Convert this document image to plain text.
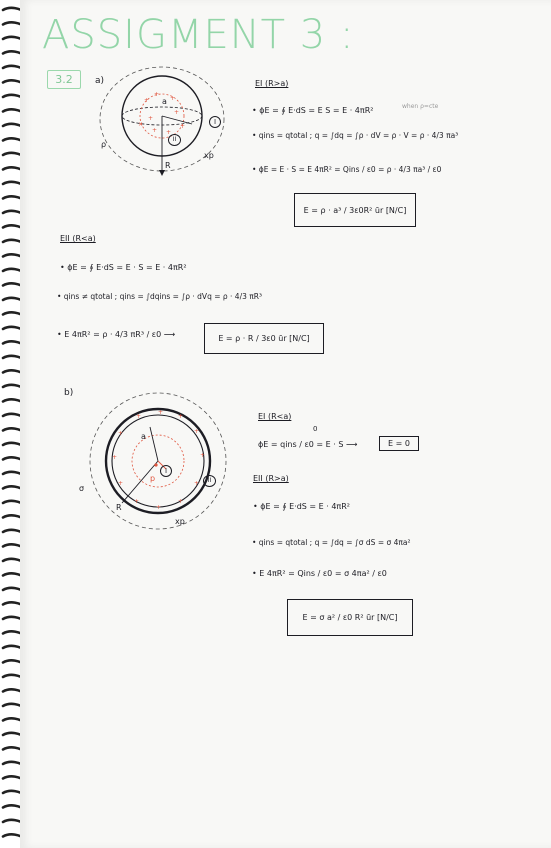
ASSIGMENT 3 :
3.2	a)
+
+
+
+
+
+ +
×	+
a
R
ρ
xp
I
II
EI (R>a)
• ϕE = ∮ E·dS = E S = E · 4πR²	when ρ=cte
• qins = qtotal ; q = ∫dq = ∫ρ · dV = ρ · V = ρ · 4/3 πa³
• ϕE = E · S = E 4πR² = Qins / ε0 = ρ · 4/3 πa³ / ε0
E = ρ · a³ / 3ε0R² ūr [N/C]
EII (R<a)
• ϕE = ∮ E·dS = E · S = E · 4πR²
• qins ≠ qtotal ; qins = ∫dqins = ∫ρ · dVq = ρ · 4/3 πR³
• E 4πR² = ρ · 4/3 πR³ / ε0 ⟶	E = ρ · R / 3ε0 ūr [N/C]
b)
+
+
+
+
+
+
+
+
+
+
+
+ a
R
σ
p
xp
I
II
EI (R<a)
0
ϕE = qins / ε0 = E · S ⟶	E = 0
EII (R>a)
• ϕE = ∮ E·dS = E · 4πR²
• qins = qtotal ; q = ∫dq = ∫σ dS = σ 4πa²
• E 4πR² = Qins / ε0 = σ 4πa² / ε0
E = σ a² / ε0 R² ūr [N/C]
